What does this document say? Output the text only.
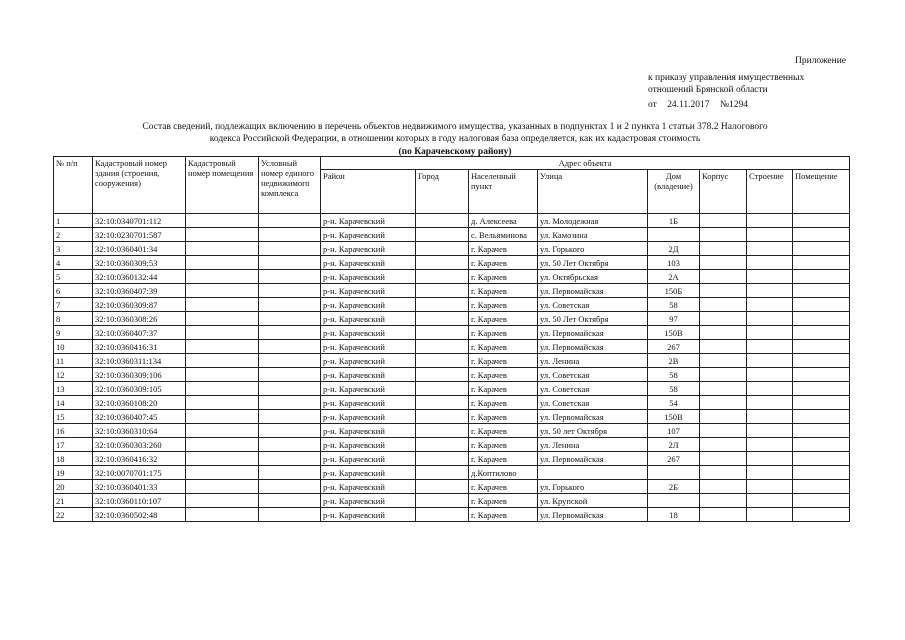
Приложение
к приказу управления имущественных
отношений Брянской области
от 24.11.2017 №1294
Состав сведений, подлежащих включению в перечень объектов недвижимого имущества, указанных в подпунктах 1 и 2 пункта 1 статьи 378.2 Налогового
кодекса Российской Федерации, в отношении которых в году налоговая база определяется, как их кадастровая стоимость
(по Карачевскому району)
№ п/п	Кадастровый номер здания (строения, сооружения)	Кадастровый номер помещения	Условный номер единого недвижимого комплекса	Адрес объекта							
				Район	Город	Населенный пункт	Улица	Дом (владение)	Корпус	Строение	Помещение
1	32:10:0340701:112			р-н. Карачевский		д. Алексеева	ул. Молодежная	1Б			
2	32:10:0230701:587			р-н. Карачевский		с. Вельяминова	ул. Камозина				
3	32:10:0360401:34			р-н. Карачевский		г. Карачев	ул. Горького	2Д			
4	32:10:0360309:53			р-н. Карачевский		г. Карачев	ул. 50 Лет Октября	103			
5	32:10:0360132:44			р-н. Карачевский		г. Карачев	ул. Октябрьская	2А			
6	32:10:0360407:39			р-н. Карачевский		г. Карачев	ул. Первомайская	150Б			
7	32:10:0360309:87			р-н. Карачевский		г. Карачев	ул. Советская	58			
8	32:10:0360308:26			р-н. Карачевский		г. Карачев	ул. 50 Лет Октября	97			
9	32:10:0360407:37			р-н. Карачевский		г. Карачев	ул. Первомайская	150В			
10	32:10:0360416:31			р-н. Карачевский		г. Карачев	ул. Первомайская	267			
11	32:10:0360311:134			р-н. Карачевский		г. Карачев	ул. Ленина	2В			
12	32:10:0360309:106			р-н. Карачевский		г. Карачев	ул. Советская	58			
13	32:10:0360309:105			р-н. Карачевский		г. Карачев	ул. Советская	58			
14	32:10:0360108:20			р-н. Карачевский		г. Карачев	ул. Советская	54			
15	32:10:0360407:45			р-н. Карачевский		г. Карачев	ул. Первомайская	150В			
16	32:10:0360310:64			р-н. Карачевский		г. Карачев	ул. 50 лет Октября	107			
17	32:10:0360303:260			р-н. Карачевский		г. Карачев	ул. Ленина	2Л			
18	32:10:0360416:32			р-н. Карачевский		г. Карачев	ул. Первомайская	267			
19	32:10:0070701:175			р-н. Карачевский		д.Коптилово					
20	32:10:0360401:33			р-н. Карачевский		г. Карачев	ул. Горького	2Б			
21	32:10:0360110:107			р-н. Карачевский		г. Карачев	ул. Крупской				
22	32:10:0360502:48			р-н. Карачевский		г. Карачев	ул. Первомайская	18			
